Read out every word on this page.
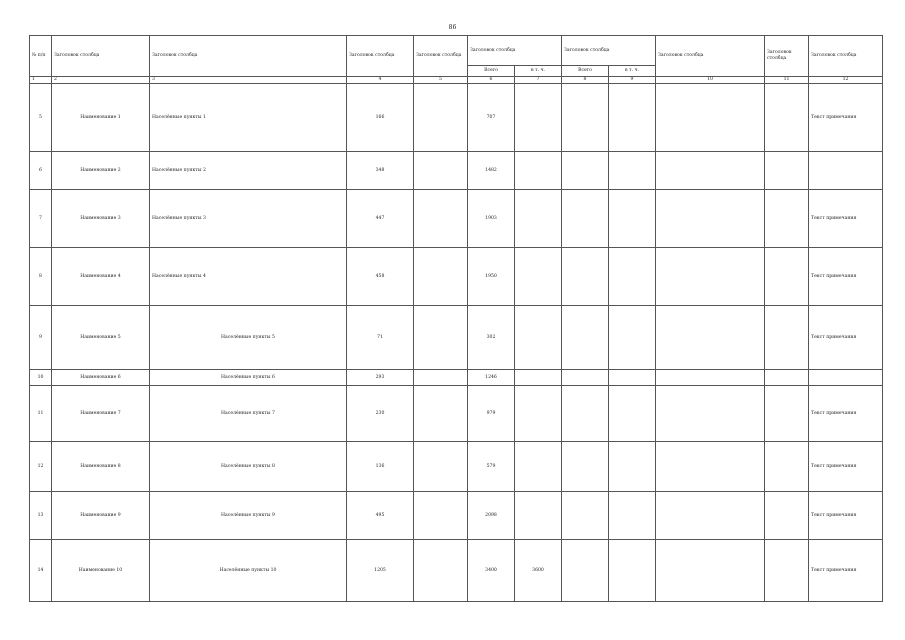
86
№ п/п	Заголовок столбца	Заголовок столбца	Заголовок столбца	Заголовок столбца	Заголовок столбца		Заголовок столбца		Заголовок столбца	Заголовок столбца	Заголовок столбца
					Всего	в т. ч.	Всего	в т. ч.			
1	2	3	4	5	6	7	8	9	10	11	12
5	Наименование 1	Населённые пункты 1	166		707						Текст примечания
6	Наименование 2	Населённые пункты 2	348		1482						
7	Наименование 3	Населённые пункты 3	447		1903						Текст примечания
8	Наименование 4	Населённые пункты 4	458		1950						Текст примечания
9	Наименование 5	Населённые пункты 5	71		302						Текст примечания
10	Наименование 6	Населённые пункты 6	293		1246						
11	Наименование 7	Населённые пункты 7	230		979						Текст примечания
12	Наименование 8	Населённые пункты 8	136		579						Текст примечания
13	Наименование 9	Населённые пункты 9	495		2098						Текст примечания
14	Наименование 10	Населённые пункты 10	1205		3400	3600					Текст примечания
